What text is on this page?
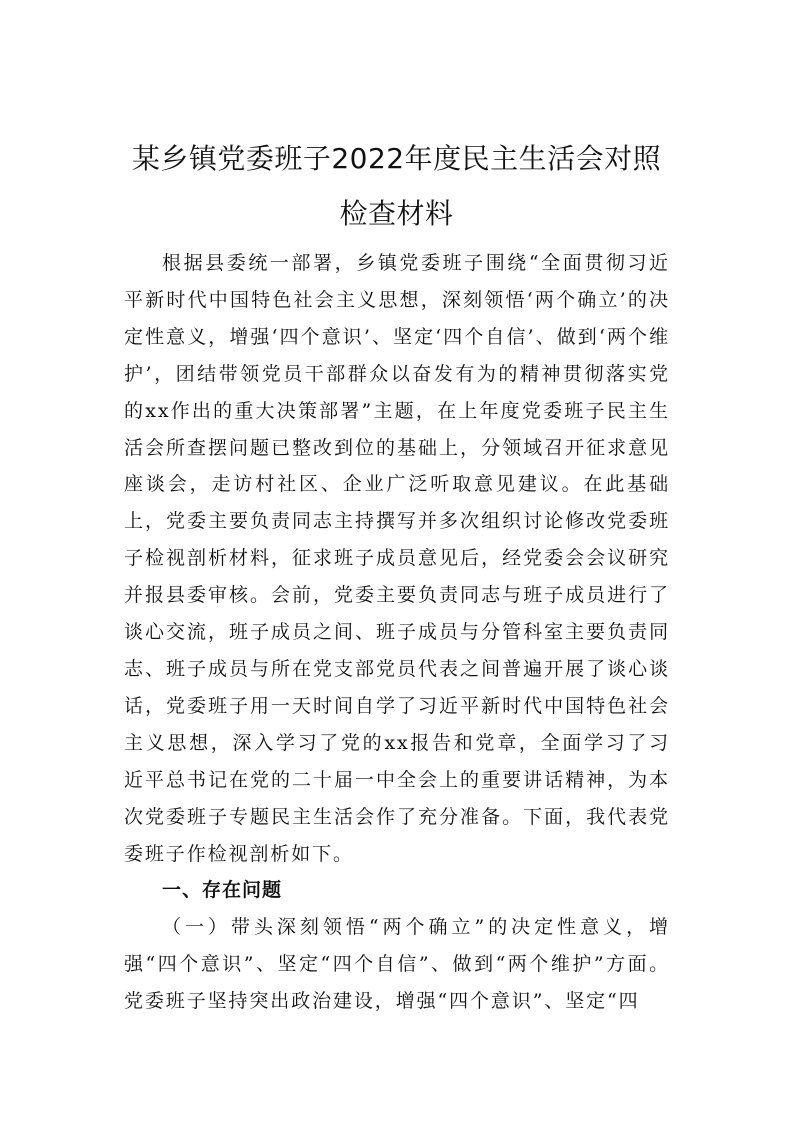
某乡镇党委班子2022年度民主生活会对照
检查材料

根据县委统一部署，乡镇党委班子围绕“全面贯彻习近平新时代中国特色社会主义思想，深刻领悟‘两个确立’的决定性意义，增强‘四个意识’、坚定‘四个自信’、做到‘两个维护’，团结带领党员干部群众以奋发有为的精神贯彻落实党的xx作出的重大决策部署”主题，在上年度党委班子民主生活会所查摆问题已整改到位的基础上，分领域召开征求意见座谈会，走访村社区、企业广泛听取意见建议。在此基础上，党委主要负责同志主持撰写并多次组织讨论修改党委班子检视剖析材料，征求班子成员意见后，经党委会会议研究并报县委审核。会前，党委主要负责同志与班子成员进行了谈心交流，班子成员之间、班子成员与分管科室主要负责同志、班子成员与所在党支部党员代表之间普遍开展了谈心谈话，党委班子用一天时间自学了习近平新时代中国特色社会主义思想，深入学习了党的xx报告和党章，全面学习了习近平总书记在党的二十届一中全会上的重要讲话精神，为本次党委班子专题民主生活会作了充分准备。下面，我代表党委班子作检视剖析如下。

一、存在问题

（一）带头深刻领悟“两个确立”的决定性意义，增强“四个意识”、坚定“四个自信”、做到“两个维护”方面。党委班子坚持突出政治建设，增强“四个意识”、坚定“四
